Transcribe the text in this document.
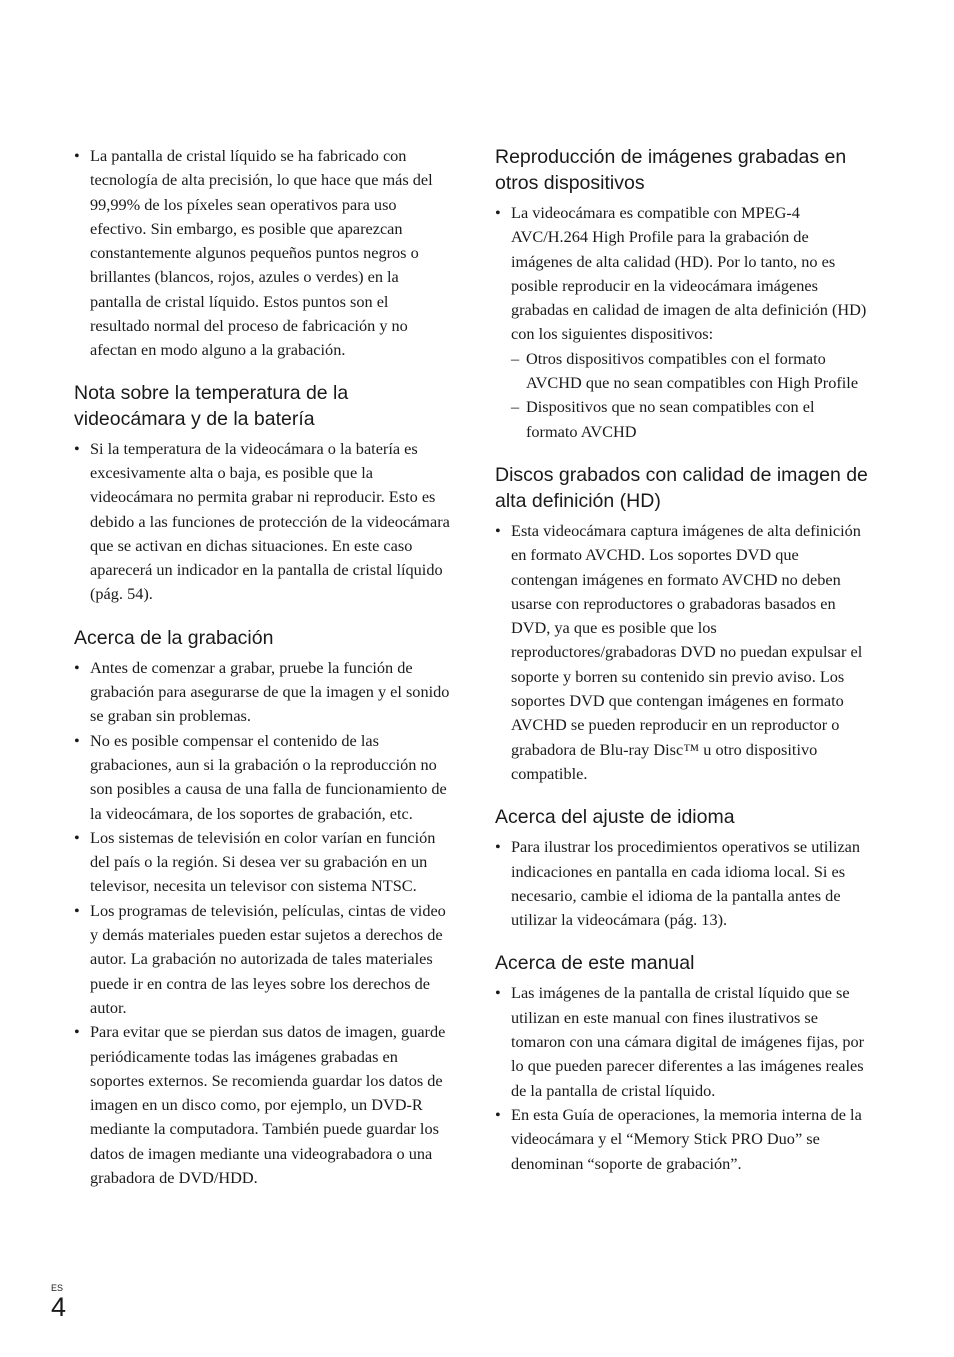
• La pantalla de cristal líquido se ha fabricado con tecnología de alta precisión, lo que hace que más del 99,99% de los píxeles sean operativos para uso efectivo. Sin embargo, es posible que aparezcan constantemente algunos pequeños puntos negros o brillantes (blancos, rojos, azules o verdes) en la pantalla de cristal líquido. Estos puntos son el resultado normal del proceso de fabricación y no afectan en modo alguno a la grabación.
Nota sobre la temperatura de la videocámara y de la batería
• Si la temperatura de la videocámara o la batería es excesivamente alta o baja, es posible que la videocámara no permita grabar ni reproducir. Esto es debido a las funciones de protección de la videocámara que se activan en dichas situaciones. En este caso aparecerá un indicador en la pantalla de cristal líquido (pág. 54).
Acerca de la grabación
• Antes de comenzar a grabar, pruebe la función de grabación para asegurarse de que la imagen y el sonido se graban sin problemas.
• No es posible compensar el contenido de las grabaciones, aun si la grabación o la reproducción no son posibles a causa de una falla de funcionamiento de la videocámara, de los soportes de grabación, etc.
• Los sistemas de televisión en color varían en función del país o la región. Si desea ver su grabación en un televisor, necesita un televisor con sistema NTSC.
• Los programas de televisión, películas, cintas de video y demás materiales pueden estar sujetos a derechos de autor. La grabación no autorizada de tales materiales puede ir en contra de las leyes sobre los derechos de autor.
• Para evitar que se pierdan sus datos de imagen, guarde periódicamente todas las imágenes grabadas en soportes externos. Se recomienda guardar los datos de imagen en un disco como, por ejemplo, un DVD-R mediante la computadora. También puede guardar los datos de imagen mediante una videograbadora o una grabadora de DVD/HDD.
Reproducción de imágenes grabadas en otros dispositivos
• La videocámara es compatible con MPEG-4 AVC/H.264 High Profile para la grabación de imágenes de alta calidad (HD). Por lo tanto, no es posible reproducir en la videocámara imágenes grabadas en calidad de imagen de alta definición (HD) con los siguientes dispositivos:
– Otros dispositivos compatibles con el formato AVCHD que no sean compatibles con High Profile
– Dispositivos que no sean compatibles con el formato AVCHD
Discos grabados con calidad de imagen de alta definición (HD)
• Esta videocámara captura imágenes de alta definición en formato AVCHD. Los soportes DVD que contengan imágenes en formato AVCHD no deben usarse con reproductores o grabadoras basados en DVD, ya que es posible que los reproductores/grabadoras DVD no puedan expulsar el soporte y borren su contenido sin previo aviso. Los soportes DVD que contengan imágenes en formato AVCHD se pueden reproducir en un reproductor o grabadora de Blu-ray Disc™ u otro dispositivo compatible.
Acerca del ajuste de idioma
• Para ilustrar los procedimientos operativos se utilizan indicaciones en pantalla en cada idioma local. Si es necesario, cambie el idioma de la pantalla antes de utilizar la videocámara (pág. 13).
Acerca de este manual
• Las imágenes de la pantalla de cristal líquido que se utilizan en este manual con fines ilustrativos se tomaron con una cámara digital de imágenes fijas, por lo que pueden parecer diferentes a las imágenes reales de la pantalla de cristal líquido.
• En esta Guía de operaciones, la memoria interna de la videocámara y el “Memory Stick PRO Duo” se denominan “soporte de grabación”.
ES
4
